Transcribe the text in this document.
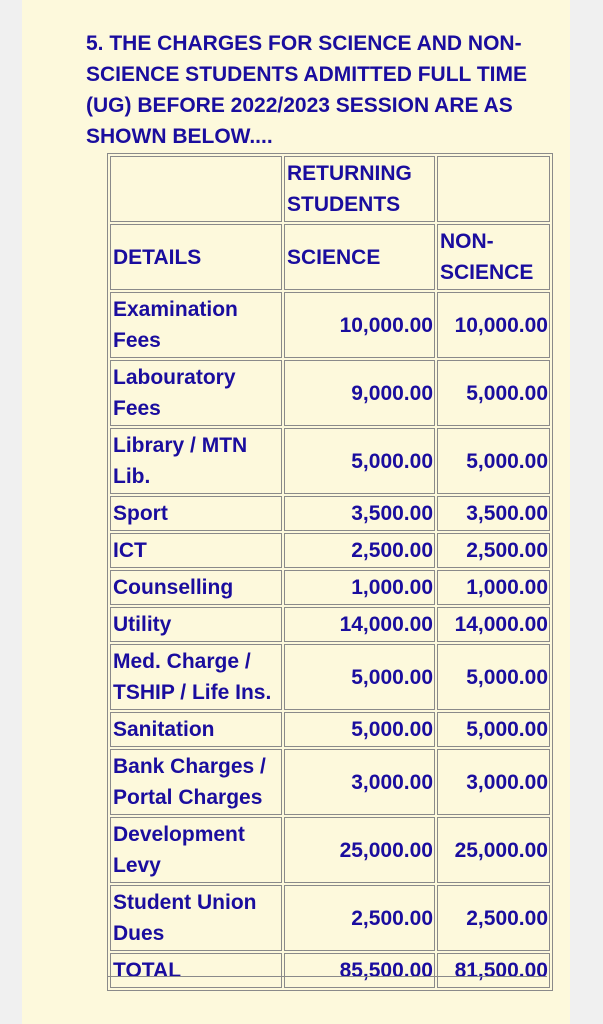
5. THE CHARGES FOR SCIENCE AND NON-SCIENCE STUDENTS ADMITTED FULL TIME (UG) BEFORE 2022/2023 SESSION ARE AS SHOWN BELOW....

	RETURNING STUDENTS	
DETAILS	SCIENCE	NON-SCIENCE
Examination Fees	10,000.00	10,000.00
Labouratory Fees	9,000.00	5,000.00
Library / MTN Lib.	5,000.00	5,000.00
Sport	3,500.00	3,500.00
ICT	2,500.00	2,500.00
Counselling	1,000.00	1,000.00
Utility	14,000.00	14,000.00
Med. Charge / TSHIP / Life Ins.	5,000.00	5,000.00
Sanitation	5,000.00	5,000.00
Bank Charges / Portal Charges	3,000.00	3,000.00
Development Levy	25,000.00	25,000.00
Student Union Dues	2,500.00	2,500.00
TOTAL	85,500.00	81,500.00
